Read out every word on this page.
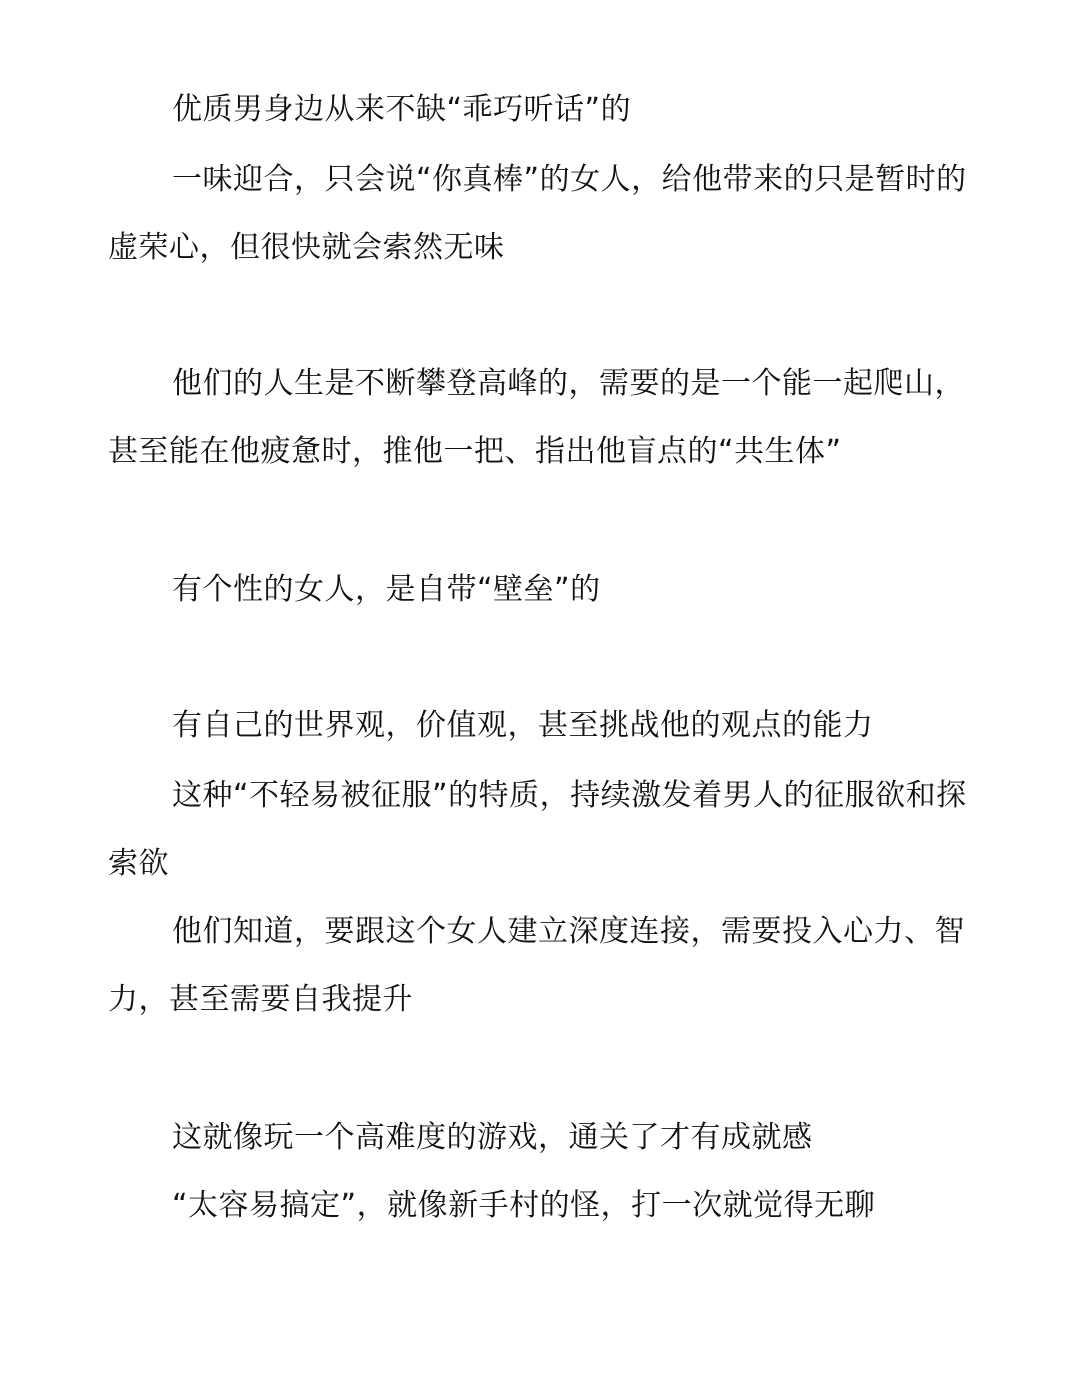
优质男身边从来不缺“乖巧听话”的

一味迎合，只会说“你真棒”的女人，给他带来的只是暂时的虚荣心，但很快就会索然无味

他们的人生是不断攀登高峰的，需要的是一个能一起爬山，甚至能在他疲惫时，推他一把、指出他盲点的“共生体”

有个性的女人，是自带“壁垒”的

有自己的世界观，价值观，甚至挑战他的观点的能力

这种“不轻易被征服”的特质，持续激发着男人的征服欲和探索欲

他们知道，要跟这个女人建立深度连接，需要投入心力、智力，甚至需要自我提升

这就像玩一个高难度的游戏，通关了才有成就感

“太容易搞定”，就像新手村的怪，打一次就觉得无聊
